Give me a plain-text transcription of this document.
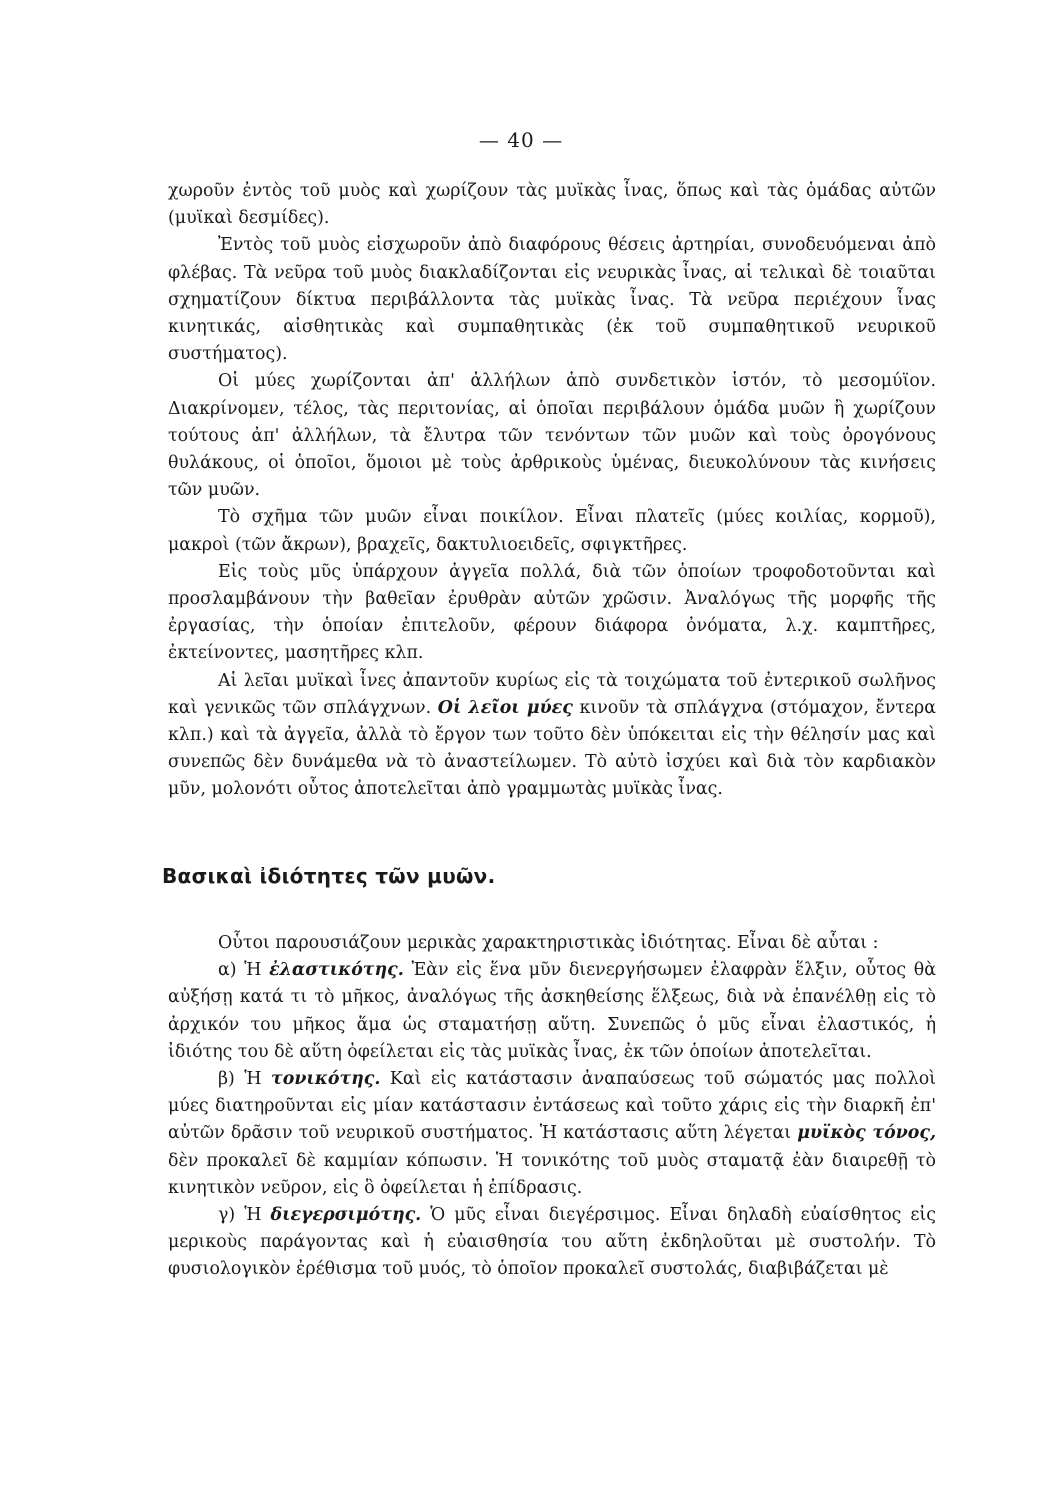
— 40 —

χωροῦν ἐντὸς τοῦ μυὸς καὶ χωρίζουν τὰς μυϊκὰς ἶνας, ὅπως καὶ τὰς ὁμάδας αὐτῶν (μυϊκαὶ δεσμίδες).

Ἐντὸς τοῦ μυὸς εἰσχωροῦν ἀπὸ διαφόρους θέσεις ἀρτηρίαι, συνοδευόμεναι ἀπὸ φλέβας. Τὰ νεῦρα τοῦ μυὸς διακλαδίζονται εἰς νευρικὰς ἶνας, αἱ τελικαὶ δὲ τοιαῦται σχηματίζουν δίκτυα περιβάλλοντα τὰς μυϊκὰς ἶνας. Τὰ νεῦρα περιέχουν ἶνας κινητικάς, αἰσθητικὰς καὶ συμπαθητικὰς (ἐκ τοῦ συμπαθητικοῦ νευρικοῦ συστήματος).

Οἱ μύες χωρίζονται ἀπ' ἀλλήλων ἀπὸ συνδετικὸν ἱστόν, τὸ μεσομύϊον. Διακρίνομεν, τέλος, τὰς περιτονίας, αἱ ὁποῖαι περιβάλουν ὁμάδα μυῶν ἢ χωρίζουν τούτους ἀπ' ἀλλήλων, τὰ ἔλυτρα τῶν τενόντων τῶν μυῶν καὶ τοὺς ὀρογόνους θυλάκους, οἱ ὁποῖοι, ὅμοιοι μὲ τοὺς ἀρθρικοὺς ὑμένας, διευκολύνουν τὰς κινήσεις τῶν μυῶν.

Τὸ σχῆμα τῶν μυῶν εἶναι ποικίλον. Εἶναι πλατεῖς (μύες κοιλίας, κορμοῦ), μακροὶ (τῶν ἄκρων), βραχεῖς, δακτυλιοειδεῖς, σφιγκτῆρες.

Εἰς τοὺς μῦς ὑπάρχουν ἀγγεῖα πολλά, διὰ τῶν ὁποίων τροφοδοτοῦνται καὶ προσλαμβάνουν τὴν βαθεῖαν ἐρυθρὰν αὐτῶν χρῶσιν. Ἀναλόγως τῆς μορφῆς τῆς ἐργασίας, τὴν ὁποίαν ἐπιτελοῦν, φέρουν διάφορα ὀνόματα, λ.χ. καμπτῆρες, ἐκτείνοντες, μασητῆρες κλπ.

Αἱ λεῖαι μυϊκαὶ ἶνες ἀπαντοῦν κυρίως εἰς τὰ τοιχώματα τοῦ ἐντερικοῦ σωλῆνος καὶ γενικῶς τῶν σπλάγχνων. Οἱ λεῖοι μύες κινοῦν τὰ σπλάγχνα (στόμαχον, ἔντερα κλπ.) καὶ τὰ ἀγγεῖα, ἀλλὰ τὸ ἔργον των τοῦτο δὲν ὑπόκειται εἰς τὴν θέλησίν μας καὶ συνεπῶς δὲν δυνάμεθα νὰ τὸ ἀναστείλωμεν. Τὸ αὐτὸ ἰσχύει καὶ διὰ τὸν καρδιακὸν μῦν, μολονότι οὗτος ἀποτελεῖται ἀπὸ γραμμωτὰς μυϊκὰς ἶνας.

Βασικαὶ ἰδιότητες τῶν μυῶν.

Οὗτοι παρουσιάζουν μερικὰς χαρακτηριστικὰς ἰδιότητας. Εἶναι δὲ αὗται :

α) Ἡ ἐλαστικότης. Ἐὰν εἰς ἕνα μῦν διενεργήσωμεν ἐλαφρὰν ἕλξιν, οὗτος θὰ αὐξήσῃ κατά τι τὸ μῆκος, ἀναλόγως τῆς ἀσκηθείσης ἕλξεως, διὰ νὰ ἐπανέλθῃ εἰς τὸ ἀρχικόν του μῆκος ἅμα ὡς σταματήσῃ αὕτη. Συνεπῶς ὁ μῦς εἶναι ἐλαστικός, ἡ ἰδιότης του δὲ αὕτη ὀφείλεται εἰς τὰς μυϊκὰς ἶνας, ἐκ τῶν ὁποίων ἀποτελεῖται.

β) Ἡ τονικότης. Καὶ εἰς κατάστασιν ἀναπαύσεως τοῦ σώματός μας πολλοὶ μύες διατηροῦνται εἰς μίαν κατάστασιν ἐντάσεως καὶ τοῦτο χάρις εἰς τὴν διαρκῆ ἐπ' αὐτῶν δρᾶσιν τοῦ νευρικοῦ συστήματος. Ἡ κατάστασις αὕτη λέγεται μυϊκὸς τόνος, δὲν προκαλεῖ δὲ καμμίαν κόπωσιν. Ἡ τονικότης τοῦ μυὸς σταματᾷ ἐὰν διαιρεθῇ τὸ κινητικὸν νεῦρον, εἰς ὃ ὀφείλεται ἡ ἐπίδρασις.

γ) Ἡ διεγερσιμότης. Ὁ μῦς εἶναι διεγέρσιμος. Εἶναι δηλαδὴ εὐαίσθητος εἰς μερικοὺς παράγοντας καὶ ἡ εὐαισθησία του αὕτη ἐκδηλοῦται μὲ συστολήν. Τὸ φυσιολογικὸν ἐρέθισμα τοῦ μυός, τὸ ὁποῖον προκαλεῖ συστολάς, διαβιβάζεται μὲ
